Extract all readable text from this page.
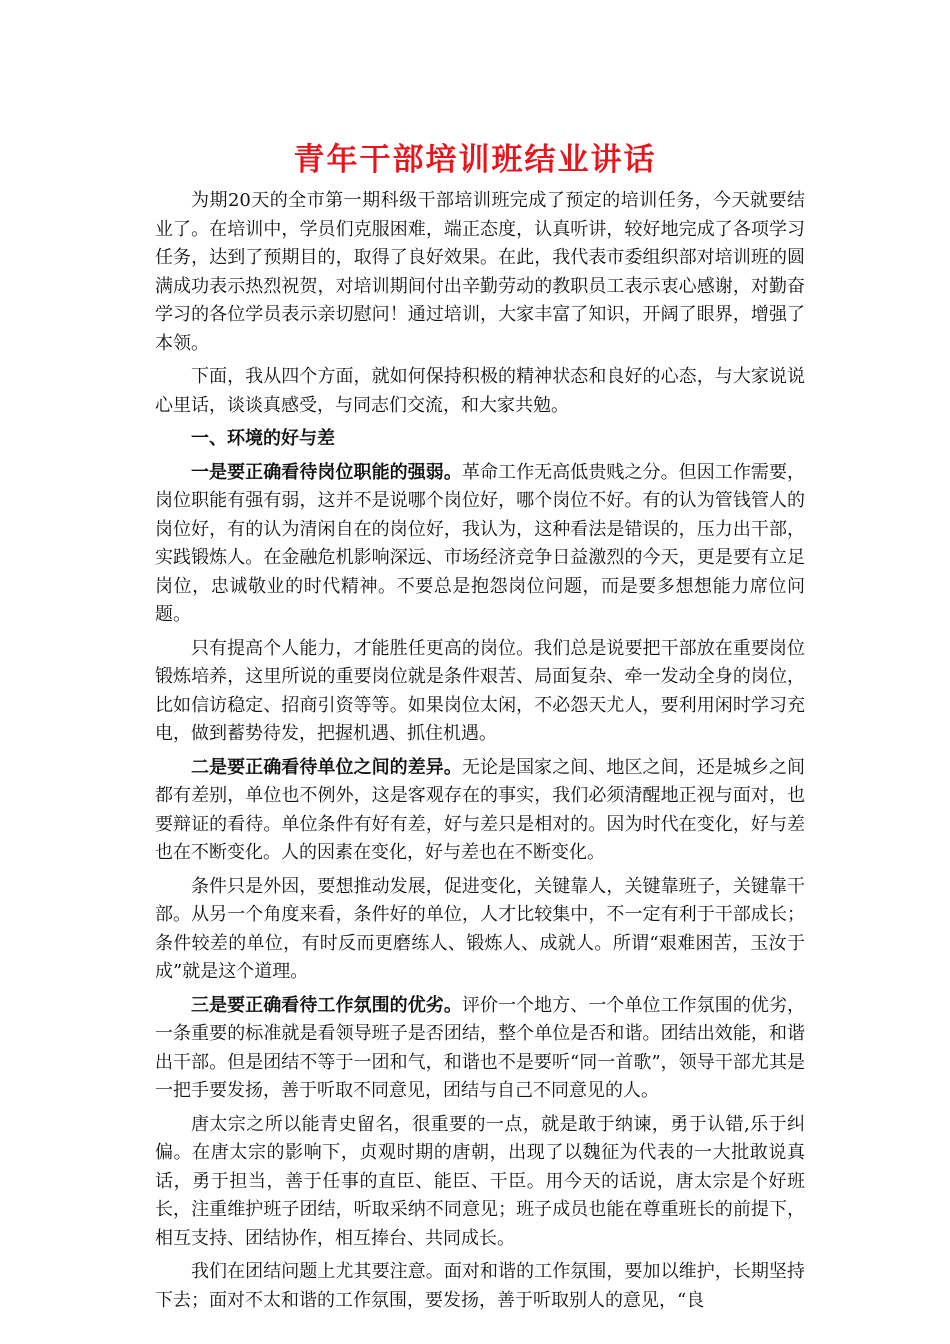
青年干部培训班结业讲话

为期20天的全市第一期科级干部培训班完成了预定的培训任务，今天就要结业了。在培训中，学员们克服困难，端正态度，认真听讲，较好地完成了各项学习任务，达到了预期目的，取得了良好效果。在此，我代表市委组织部对培训班的圆满成功表示热烈祝贺，对培训期间付出辛勤劳动的教职员工表示衷心感谢，对勤奋学习的各位学员表示亲切慰问！通过培训，大家丰富了知识，开阔了眼界，增强了本领。

下面，我从四个方面，就如何保持积极的精神状态和良好的心态，与大家说说心里话，谈谈真感受，与同志们交流，和大家共勉。

一、环境的好与差

一是要正确看待岗位职能的强弱。革命工作无高低贵贱之分。但因工作需要，岗位职能有强有弱，这并不是说哪个岗位好，哪个岗位不好。有的认为管钱管人的岗位好，有的认为清闲自在的岗位好，我认为，这种看法是错误的，压力出干部，实践锻炼人。在金融危机影响深远、市场经济竞争日益激烈的今天，更是要有立足岗位，忠诚敬业的时代精神。不要总是抱怨岗位问题，而是要多想想能力席位问题。

只有提高个人能力，才能胜任更高的岗位。我们总是说要把干部放在重要岗位锻炼培养，这里所说的重要岗位就是条件艰苦、局面复杂、牵一发动全身的岗位，比如信访稳定、招商引资等等。如果岗位太闲，不必怨天尤人，要利用闲时学习充电，做到蓄势待发，把握机遇、抓住机遇。

二是要正确看待单位之间的差异。无论是国家之间、地区之间，还是城乡之间都有差别，单位也不例外，这是客观存在的事实，我们必须清醒地正视与面对，也要辩证的看待。单位条件有好有差，好与差只是相对的。因为时代在变化，好与差也在不断变化。人的因素在变化，好与差也在不断变化。

条件只是外因，要想推动发展，促进变化，关键靠人，关键靠班子，关键靠干部。从另一个角度来看，条件好的单位，人才比较集中，不一定有利于干部成长；条件较差的单位，有时反而更磨练人、锻炼人、成就人。所谓“艰难困苦，玉汝于成”就是这个道理。

三是要正确看待工作氛围的优劣。评价一个地方、一个单位工作氛围的优劣，一条重要的标准就是看领导班子是否团结，整个单位是否和谐。团结出效能，和谐出干部。但是团结不等于一团和气，和谐也不是要听“同一首歌”，领导干部尤其是一把手要发扬，善于听取不同意见，团结与自己不同意见的人。

唐太宗之所以能青史留名，很重要的一点，就是敢于纳谏，勇于认错,乐于纠偏。在唐太宗的影响下，贞观时期的唐朝，出现了以魏征为代表的一大批敢说真话，勇于担当，善于任事的直臣、能臣、干臣。用今天的话说，唐太宗是个好班长，注重维护班子团结，听取采纳不同意见；班子成员也能在尊重班长的前提下，相互支持、团结协作，相互捧台、共同成长。

我们在团结问题上尤其要注意。面对和谐的工作氛围，要加以维护，长期坚持下去；面对不太和谐的工作氛围，要发扬，善于听取别人的意见，“良
